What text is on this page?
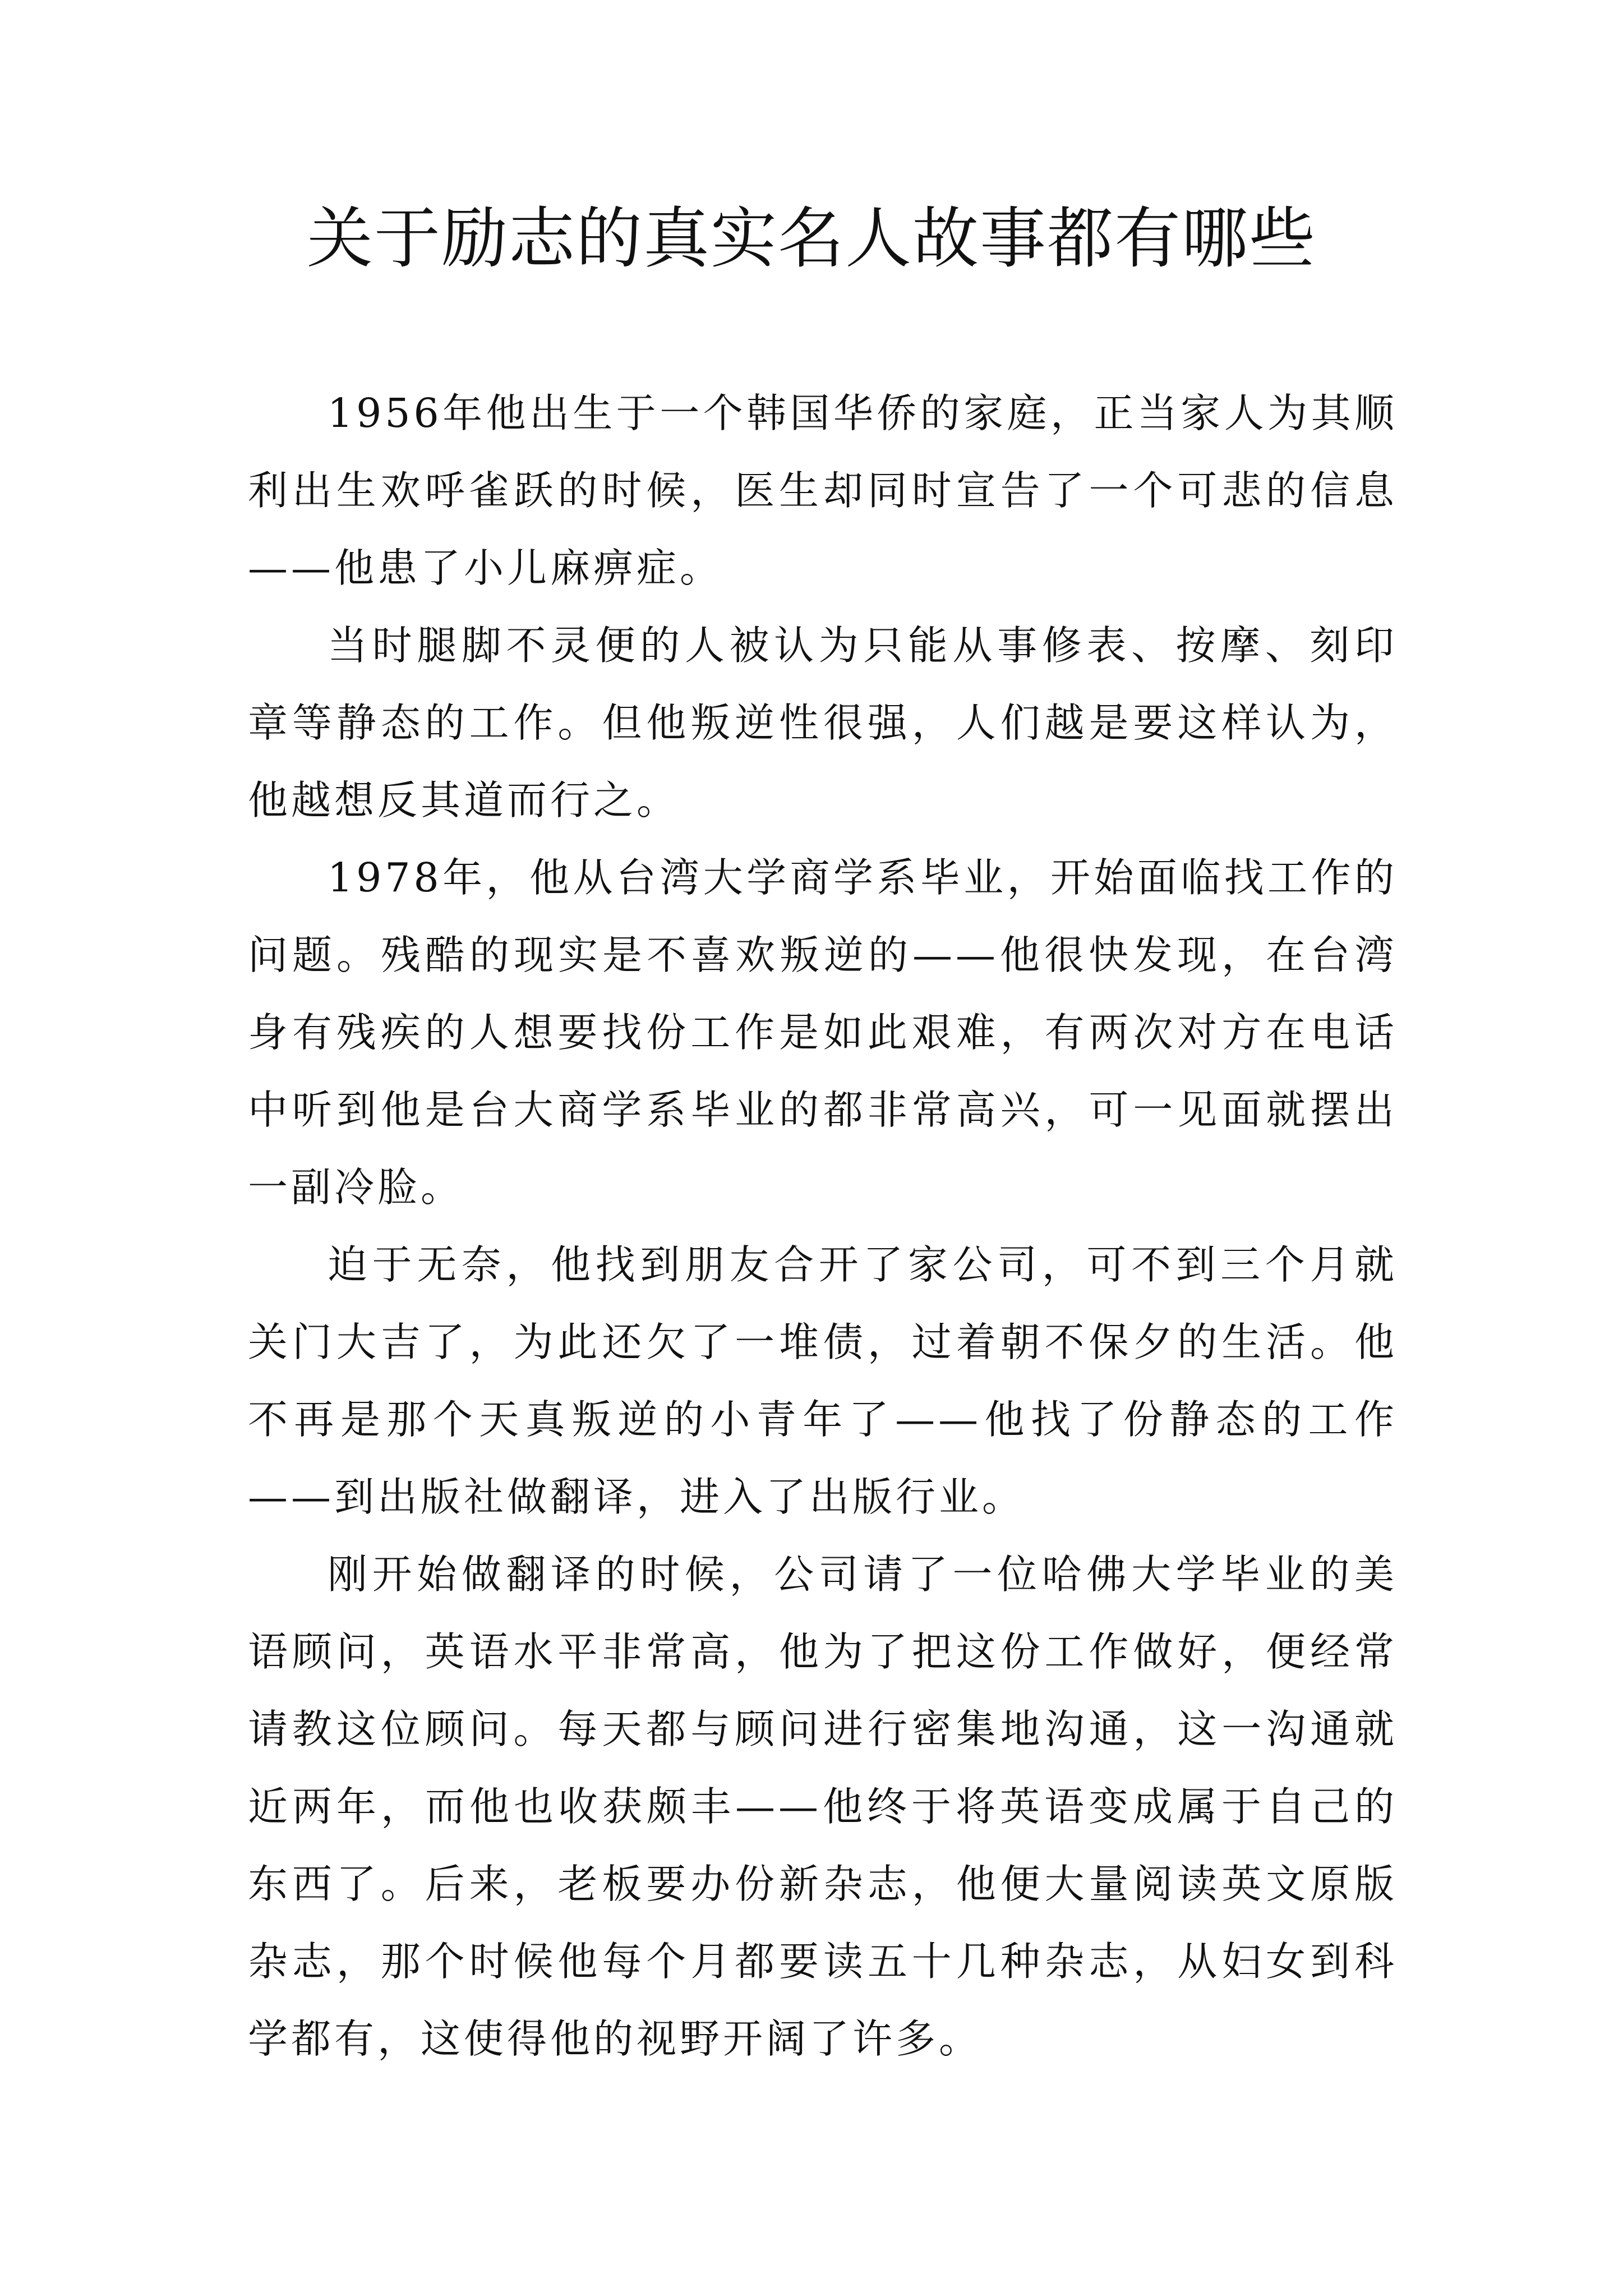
关于励志的真实名人故事都有哪些

1956年他出生于一个韩国华侨的家庭，正当家人为其顺利出生欢呼雀跃的时候，医生却同时宣告了一个可悲的信息——他患了小儿麻痹症。

当时腿脚不灵便的人被认为只能从事修表、按摩、刻印章等静态的工作。但他叛逆性很强，人们越是要这样认为，他越想反其道而行之。

1978年，他从台湾大学商学系毕业，开始面临找工作的问题。残酷的现实是不喜欢叛逆的——他很快发现，在台湾身有残疾的人想要找份工作是如此艰难，有两次对方在电话中听到他是台大商学系毕业的都非常高兴，可一见面就摆出一副冷脸。

迫于无奈，他找到朋友合开了家公司，可不到三个月就关门大吉了，为此还欠了一堆债，过着朝不保夕的生活。他不再是那个天真叛逆的小青年了——他找了份静态的工作——到出版社做翻译，进入了出版行业。

刚开始做翻译的时候，公司请了一位哈佛大学毕业的美语顾问，英语水平非常高，他为了把这份工作做好，便经常请教这位顾问。每天都与顾问进行密集地沟通，这一沟通就近两年，而他也收获颇丰——他终于将英语变成属于自己的东西了。后来，老板要办份新杂志，他便大量阅读英文原版杂志，那个时候他每个月都要读五十几种杂志，从妇女到科学都有，这使得他的视野开阔了许多。
